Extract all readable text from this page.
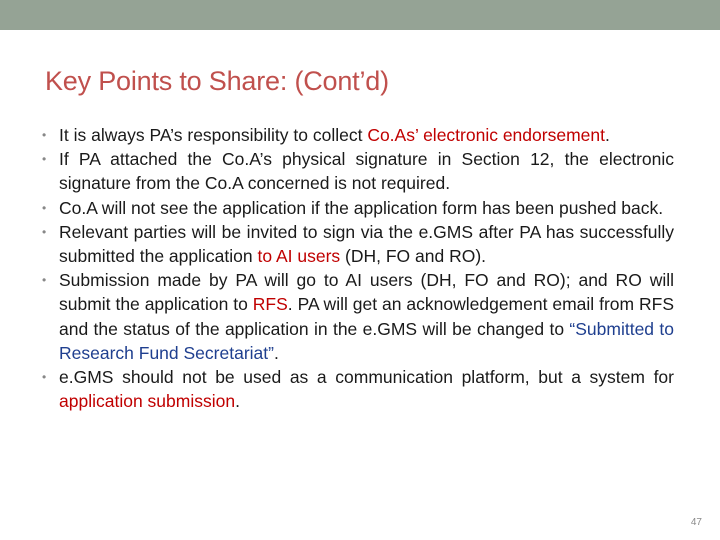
Key Points to Share: (Cont’d)
• It is always PA’s responsibility to collect Co.As’ electronic endorsement.
• If PA attached the Co.A’s physical signature in Section 12, the electronic signature from the Co.A concerned is not required.
• Co.A will not see the application if the application form has been pushed back.
• Relevant parties will be invited to sign via the e.GMS after PA has successfully submitted the application to AI users (DH, FO and RO).
• Submission made by PA will go to AI users (DH, FO and RO); and RO will submit the application to RFS. PA will get an acknowledgement email from RFS and the status of the application in the e.GMS will be changed to “Submitted to Research Fund Secretariat”.
• e.GMS should not be used as a communication platform, but a system for application submission.
47
